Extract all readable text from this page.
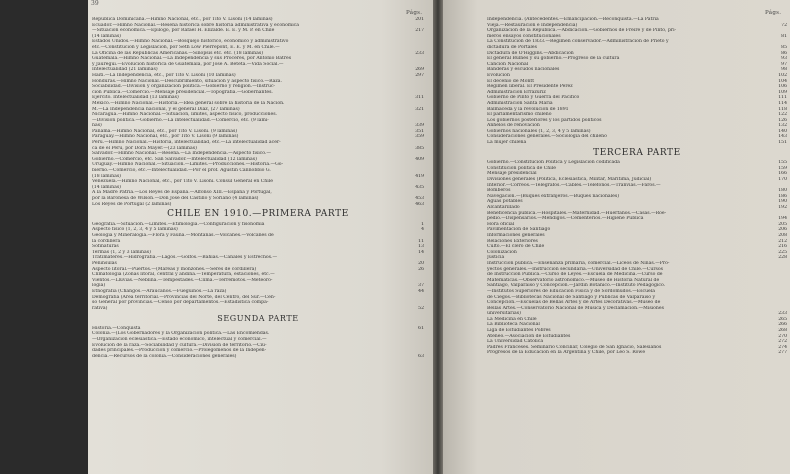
39
Págs.
República Dominicana.—Himno Nacional, etc., por Tito V. Lisoni (14 láminas)	201
Ecuador.—Himno Nacional.—Reseña histórica sobre historia administrativa y económica
—Situación económica.—Epílogo, por Rafael H. Elizalde. E. E. y M. P. en Chile	217
(14 láminas)
Estados Unidos.—Himno Nacional.—Bosquejo histórico, económico y administrativo
etc.—Constitución y Legislación, por Seth Low Pierrepont, E. E. y M. en Chile.—
La Oficina de las Repúblicas Americanas.—Sinopsis etc. etc. (18 láminas)	233
Guatemala.—Himno Nacional.—La Independencia y sus Próceres, por Antonio Batres
y Jáuregui.—Evolución histórica de Guatemala, por José A. Beteta.—Vida Social.—
Intelectualidad (21 láminas)	269
Haití.—La Independencia, etc., por Tito V. Lisoni (10 láminas)	297
Honduras.—Himno Nacional.—Descubrimiento, situación y aspecto físico.—Raza.
Sociabilidad.—División y organización política.—Gobierno y religión.—Instruc-
ción Pública.—Comercio.—Mensaje presidencial.—Topografía.—Gobernantes.
Ejército. Intelectualidad (13 láminas)	311
México.—Himno Nacional.—Historia.—Idea general sobre la historia de la Nación.
M.—La Independencia nacional, y el general Díaz, (27 láminas)	321
Nicaragua.—Himno Nacional.—Situación, límites, aspecto físico, producciones.
—División política.—Gobierno.—La intelectualidad.—Comercio, etc. (9 lámi-
nas)	339
Panamá.—Himno Nacional, etc., por Tito V. Lisoni. (9 láminas)	351
Paraguay.—Himno Nacional, etc., por Tito V. Lisoni (9 láminas)	359
Perú.—Himno Nacional.—Historia, intelectualidad, etc.—La intelectualidad acer-
ca de el Perú, por Dora Mayer.—(23 láminas)	385
Salvador.—Himno Nacional.—Reseña.—La Independencia.—Aspecto físico.—
Gobierno.—Comercio, etc. San Salvador.—Intelectualidad (12 láminas)	409
Uruguay.—Himno Nacional.—Situación.—Límites.—Producciones.—Historia.—Go-
bierno.—Comercio, etc.—Intelectualidad.—Por el prof. Agustín Cannobbio G.
(18 láminas)	419
Venezuela.—Himno Nacional, etc., por Tito V. Lisoni. Cónsul General en Chile
(14 láminas)	435
A la Madre Patria.—Los Reyes de España.—Alfonso XIII.—España y Portugal,
por la Baronesa de Wilson.—Don José del Castillo y Soriano (4 láminas)	453
Los Reyes de Portugal (2 láminas)	463
CHILE EN 1910.—PRIMERA PARTE
Geografía.—Situación.—Límites.—Etimología.—Configuración y fisonomía	1
Aspecto físico (1, 2, 3, 4 y 5 láminas)	4
Geología y Mineralogía.—Flora y Fauna.—Montañas.—Volcanes.—Volcanes de
la cordillera	11
Sofinaturas	13
Termas (1, 2 y 3 láminas)	14
Tratimáteres.—Hidrografía.—Lagos.—Golfos.—Bahías.—Canales y Estrechos.—
Penínsulas	20
Aspecto litoral.—Puertos.—(Mareas y monzones.—Seres de cordillera)	26
Climatología (Zonas litoral, central y andina.—Temperatura, estaciones, etc.—
Vientos.—Lluvias.—Neblina.—Tempestades.—Clima.—Terremotos.—Meteoro-
logía)	37
Etnografía (Changos.—Araucanos.—Fueguinos.—La raza)	44
Demografía (Área territorial.—Provincias del Norte, del Centro, del Sur.—Cen-
so General por provincias.—Censo por departamentos.—Estadística compa-
rativa)	52
SEGUNDA PARTE
Historia.—Conquista	61
Colonia.—(Los Gobernadores y la Organización política.—Las Encomiendas.
—Organización eclesiástica.—Estado económico, intelectual y comercial.—
Evolución de la raza.—Sociabilidad y cultura.—División de territorio.—Ciu-
dades principales.—Producción y comercio.—Prolegómenos de la Indepen-
dencia.—Recursos de la colonia.—Consideraciones generales)	63
Págs.
Independencia. (Antecedentes.—Emancipación.—Reconquista.—La Patria
Vieja.—Restauración é Independencia)	72
Organización de la República.—Abdicación.—Gobiernos de Freire y de Pinto, pri-
meros ensayos constitucionales	81
La Constitución de 1833.—Régimen conservador.—Administración de Prieto y
dictadura de Portales	85
Dictadura de O'Higgins.—Abdicación	86
El general Bulnes y su gobierno.—Progreso de la cultura	93
Canción Nacional	97
Banderas y escudos nacionales	98
Evolución	102
El decenio de Montt	104
Régimen liberal. El Presidente Pérez	106
Administración Errázuriz	109
Gobierno de Pinto y Guerra del Pacífico	111
Administración Santa María	114
Balmaceda y la revolución de 1891	118
El parlamentarismo chileno	122
Los gobiernos posteriores y los partidos políticos	126
Anhelos de renovación	132
Gobiernos nacionales (1, 2, 3, 4 y 5 láminas)	140
Consideraciones generales.—Sociología del chileno	143
La mujer chilena	151
TERCERA PARTE
Gobierno.—Constitución Política y Legislación codificada	155
Constitución política de Chile	159
Mensaje presidencial	166
Divisiones generales (Política, Eclesiástica, Militar, Marítima, Judicial)	170
Interior.—Correos.—Telégrafos.—Cables.—Teléfonos.—Tranvías.—Faros.—
Bomberos	180
Navegación.—(Buques extranjeros.—Buques nacionales)	186
Aguas potables	190
Alcantarillado	192
Beneficencia pública.—Hospitales.—Maternidad.—Huérfanos.—Casas.—Roe-
pedio.—Dispensarios.—Mendigos.—Cementerios.—Higiene Pública	194
Hora oficial	205
Pavimentación de Santiago	206
Informaciones generales	208
Relaciones Exteriores	212
Culto.—El clero de Chile	216
Colonización	225
Justicia	228
Instrucción pública.—Enseñanza primaria, comercial.—Liceos de Niñas.—Pro-
yectos generales.—Instrucción secundaria.—Universidad de Chile.—Cursos
de Instrucción Pública.—Curso de Leyes.—Escuela de Medicina.—Curso de
Matemáticas.—Observatorio astronómico.—Museo de Historia Natural de
Santiago, Valparaíso y Concepción.—Jardín Botánico.—Instituto Pedagógico.
—Institutos Superiores de Educación Física y de Sordomudos.—Escuela
de Ciegos.—Bibliotecas Nacional de Santiago y Públicas de Valparaíso y
Concepción.—Escuelas de Bellas Artes y de Artes Decorativas.—Museo de
Bellas Artes.—Conservatorio Nacional de Música y Declamación.—Misiones
universitarias)	233
La Medicina en Chile	265
La Biblioteca Nacional	266
Liga de Estudiantes Pobres	268
Ateneo.—Asociación de Estudiantes	270
La Universidad Católica	272
Padres Franceses. Seminario Conciliar, Colegio de San Ignacio, Salesianos	274
Progresos de la Educación en la Argentina y Chile, por Leo S. Rowe	277
